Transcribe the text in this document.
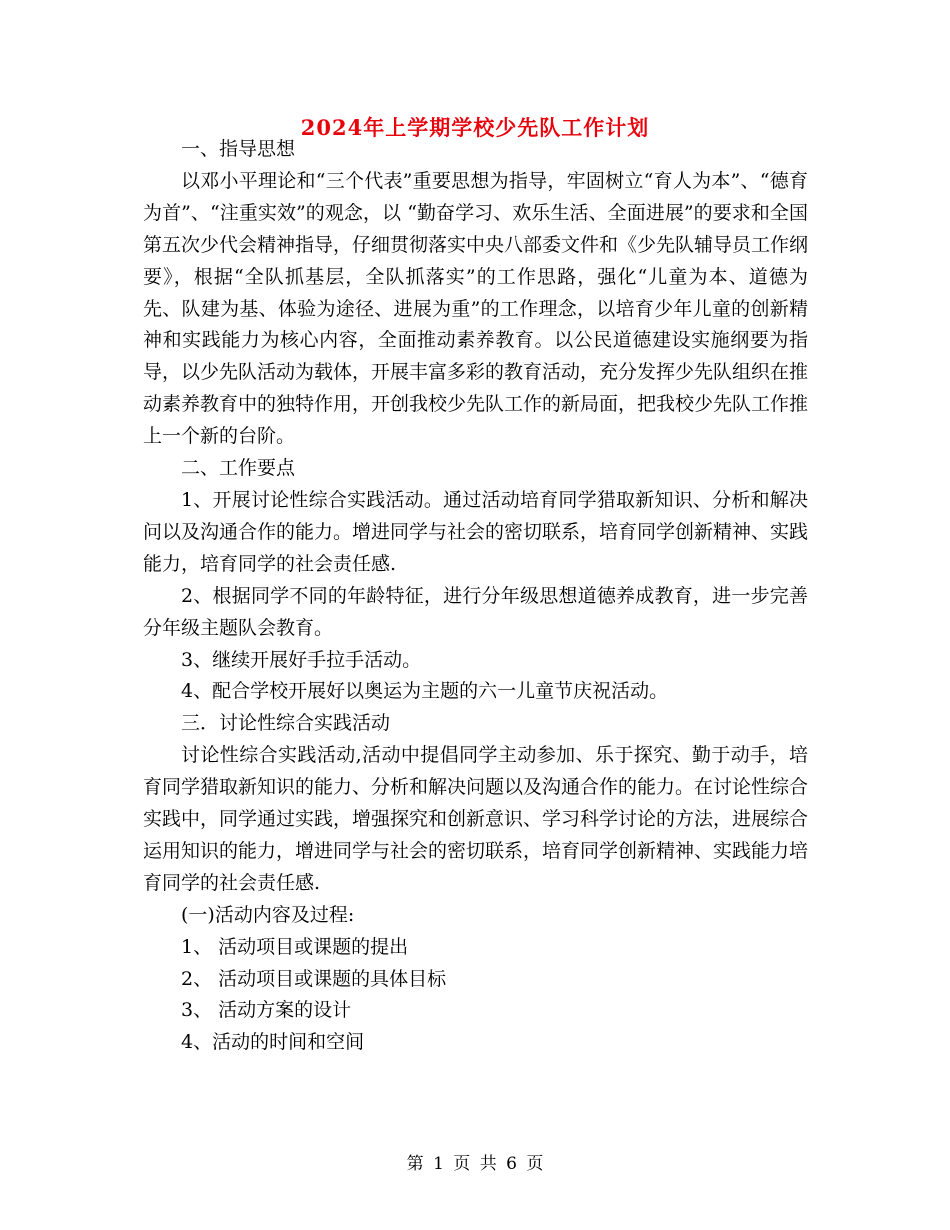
2024年上学期学校少先队工作计划

一、指导思想

以邓小平理论和“三个代表”重要思想为指导，牢固树立“育人为本”、“德育为首”、“注重实效”的观念，以 “勤奋学习、欢乐生活、全面进展”的要求和全国第五次少代会精神指导，仔细贯彻落实中央八部委文件和《少先队辅导员工作纲要》，根据“全队抓基层，全队抓落实”的工作思路，强化“儿童为本、道德为先、队建为基、体验为途径、进展为重”的工作理念，以培育少年儿童的创新精神和实践能力为核心内容，全面推动素养教育。以公民道德建设实施纲要为指导，以少先队活动为载体，开展丰富多彩的教育活动，充分发挥少先队组织在推动素养教育中的独特作用，开创我校少先队工作的新局面，把我校少先队工作推上一个新的台阶。

二、工作要点

1、开展讨论性综合实践活动。通过活动培育同学猎取新知识、分析和解决问以及沟通合作的能力。增进同学与社会的密切联系，培育同学创新精神、实践能力，培育同学的社会责任感.

2、根据同学不同的年龄特征，进行分年级思想道德养成教育，进一步完善分年级主题队会教育。

3、继续开展好手拉手活动。

4、配合学校开展好以奥运为主题的六一儿童节庆祝活动。

三．讨论性综合实践活动

讨论性综合实践活动,活动中提倡同学主动参加、乐于探究、勤于动手，培育同学猎取新知识的能力、分析和解决问题以及沟通合作的能力。在讨论性综合实践中，同学通过实践，增强探究和创新意识、学习科学讨论的方法，进展综合运用知识的能力，增进同学与社会的密切联系，培育同学创新精神、实践能力培育同学的社会责任感.

(一)活动内容及过程:

1、 活动项目或课题的提出

2、 活动项目或课题的具体目标

3、 活动方案的设计

4、活动的时间和空间

第 1 页 共 6 页
